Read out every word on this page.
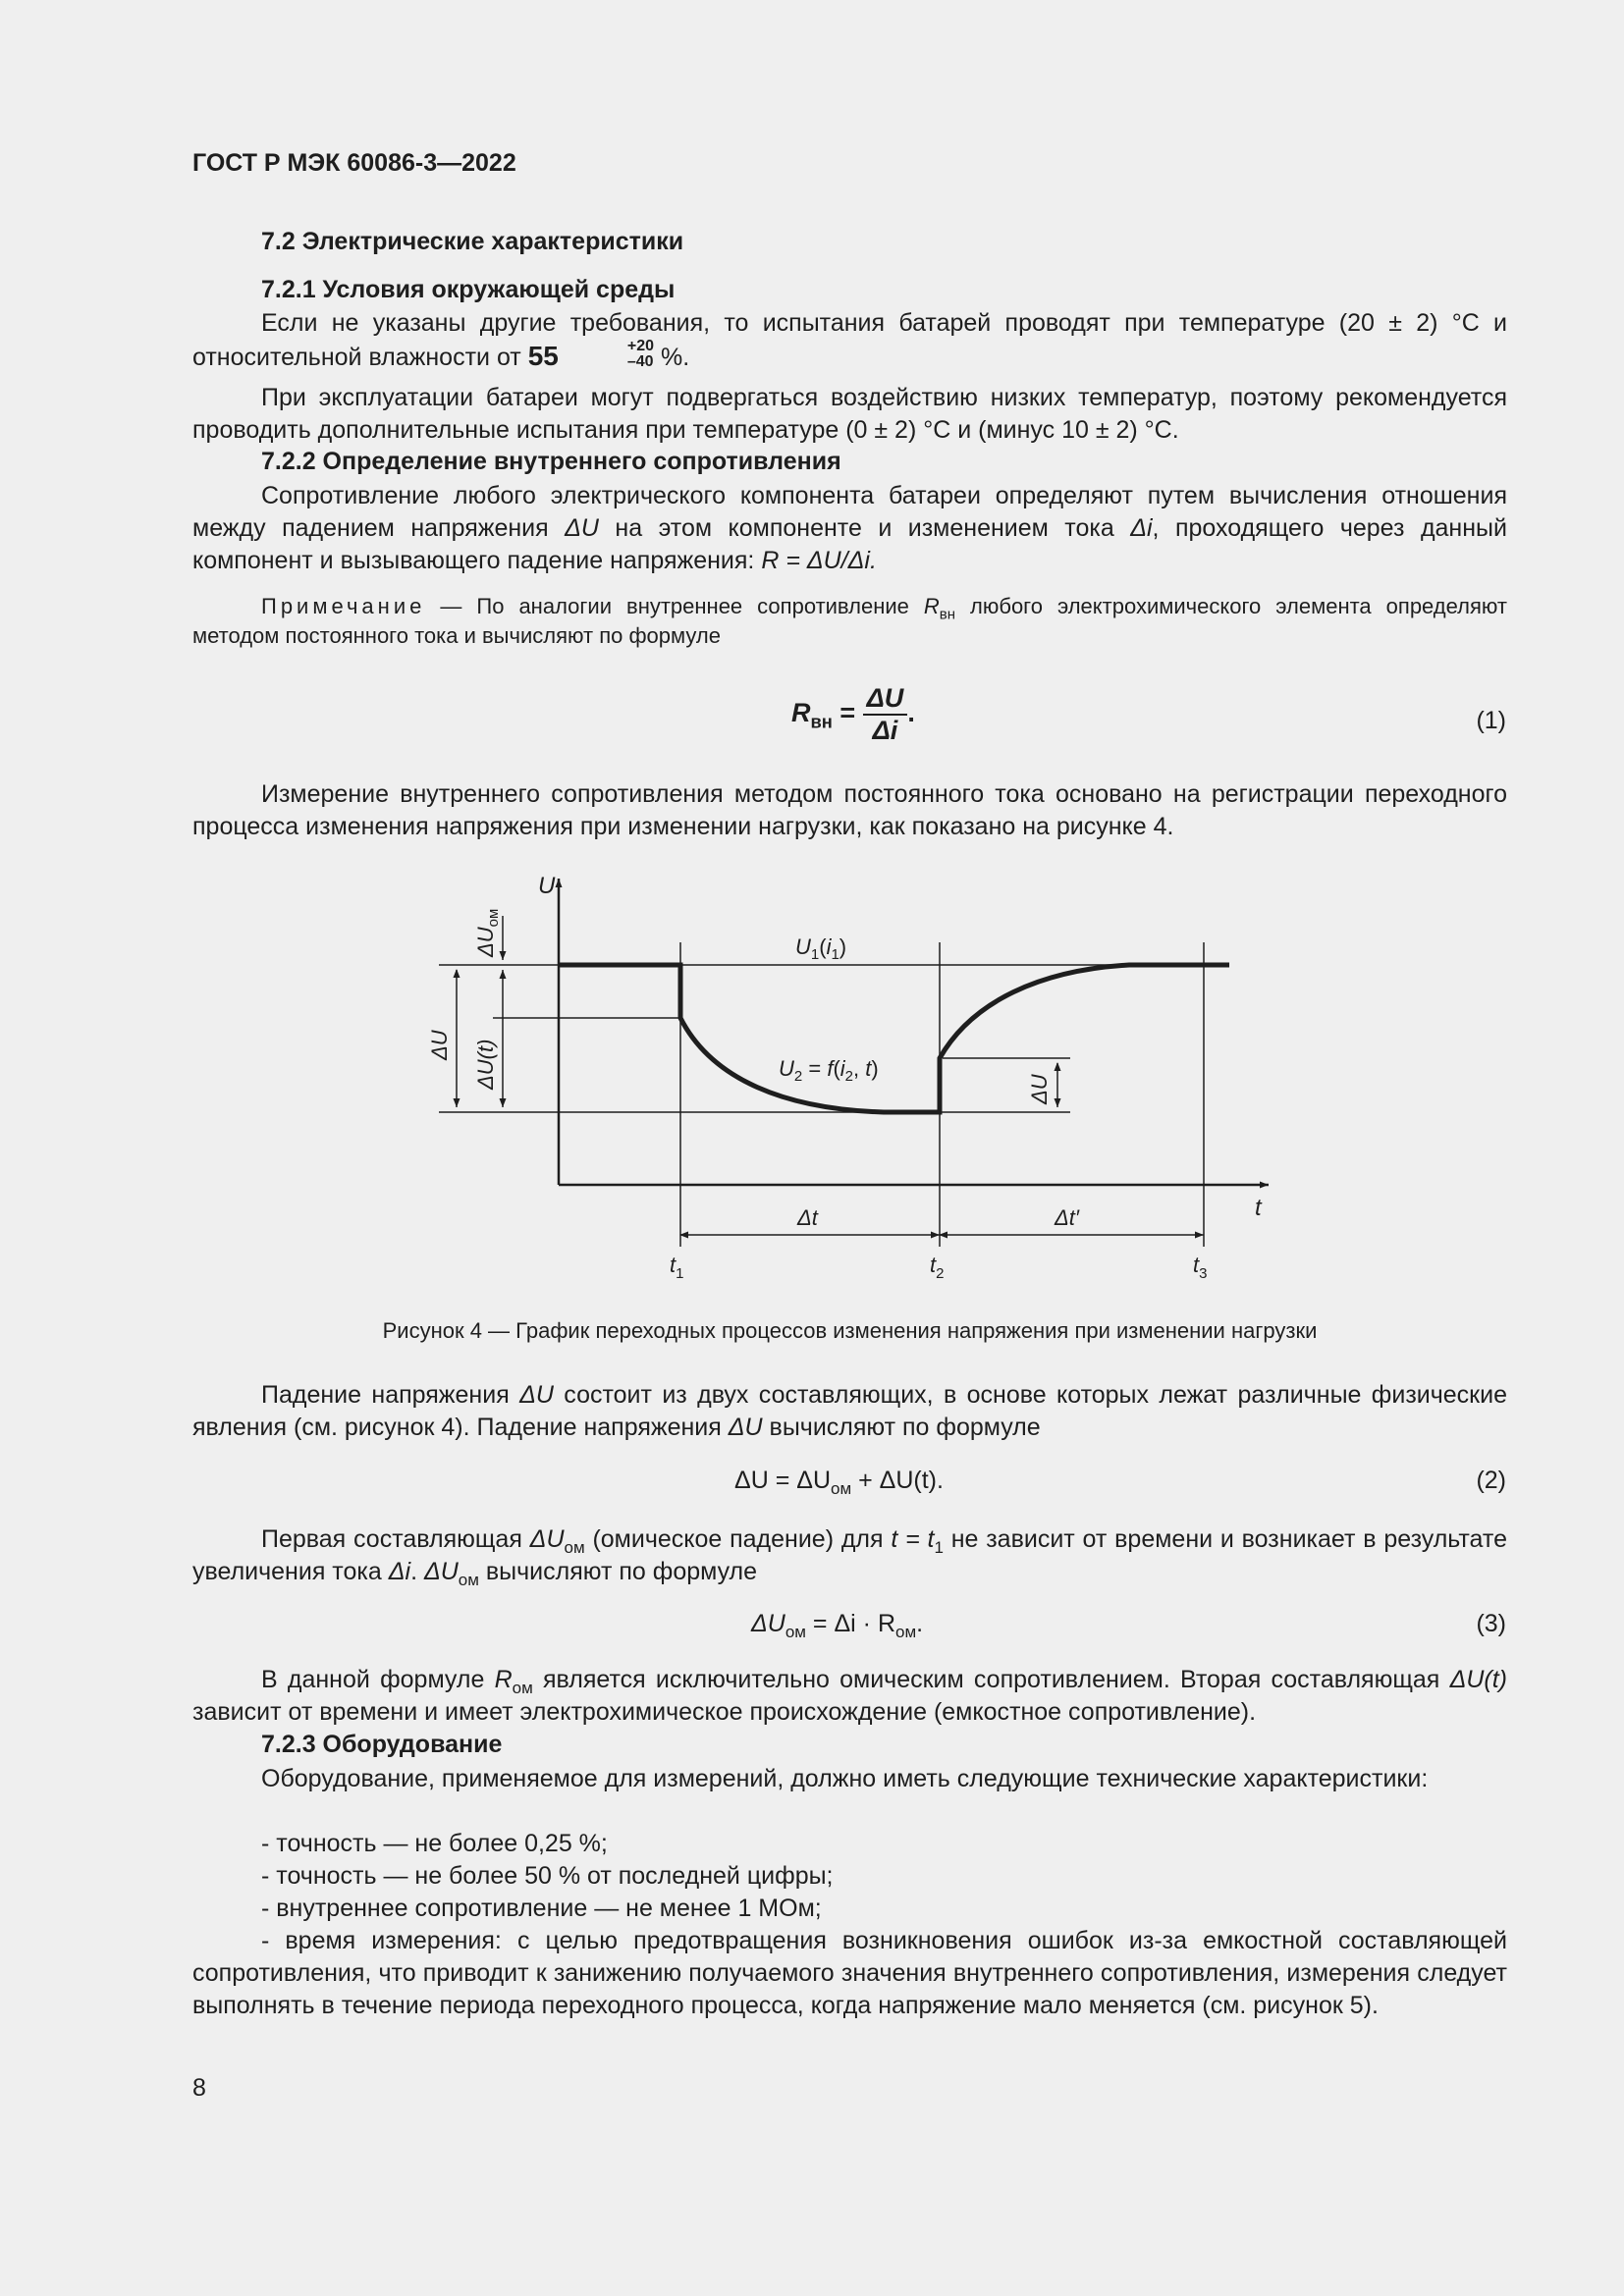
ГОСТ Р МЭК 60086-3—2022
7.2 Электрические характеристики
7.2.1 Условия окружающей среды
Если не указаны другие требования, то испытания батарей проводят при температуре (20 ± 2) °C и относительной влажности от 55	+20
–40 %.
При эксплуатации батареи могут подвергаться воздействию низких температур, поэтому рекомендуется проводить дополнительные испытания при температуре (0 ± 2) °C и (минус 10 ± 2) °C.
7.2.2 Определение внутреннего сопротивления
Сопротивление любого электрического компонента батареи определяют путем вычисления отношения между падением напряжения ΔU на этом компоненте и изменением тока Δi, проходящего через данный компонент и вызывающего падение напряжения: R = ΔU/Δi.
Примечание — По аналогии внутреннее сопротивление $R_{вн}$ любого электрохимического элемента определяют методом постоянного тока и вычисляют по формуле
$R_{вн} = \frac{\Delta U}{\Delta i}$ .	(1)
Измерение внутреннего сопротивления методом постоянного тока основано на регистрации переходного процесса изменения напряжения при изменении нагрузки, как показано на рисунке 4.
U
t
$U_1(i_1)$
$U_2 = f(i_2$, t)
$\Delta U_{ом}$
ΔU ΔU(t)	ΔU
Δt	Δt′
$t_1$	$t_2$	$t_3$
Рисунок 4 — График переходных процессов изменения напряжения при изменении нагрузки
Падение напряжения ΔU состоит из двух составляющих, в основе которых лежат различные физические явления (см. рисунок 4). Падение напряжения ΔU вычисляют по формуле
$\Delta U = \Delta U_{ом} + \Delta U(t)$.	(2)
Первая составляющая $\Delta U_{ом}$ (омическое падение) для $t = t_1$ не зависит от времени и возникает в результате увеличения тока Δi. $\Delta U_{ом}$ вычисляют по формуле
$\Delta U_{ом} = \Delta i \cdot R_{ом}$.	(3)
В данной формуле $R_{ом}$ является исключительно омическим сопротивлением. Вторая составляющая ΔU(t) зависит от времени и имеет электрохимическое происхождение (емкостное сопротивление).
7.2.3 Оборудование
Оборудование, применяемое для измерений, должно иметь следующие технические характеристики:
- точность — не более 0,25 %;
- точность — не более 50 % от последней цифры;
- внутреннее сопротивление — не менее 1 МОм;
- время измерения: с целью предотвращения возникновения ошибок из-за емкостной составляющей сопротивления, что приводит к занижению получаемого значения внутреннего сопротивления, измерения следует выполнять в течение периода переходного процесса, когда напряжение мало меняется (см. рисунок 5).
8
